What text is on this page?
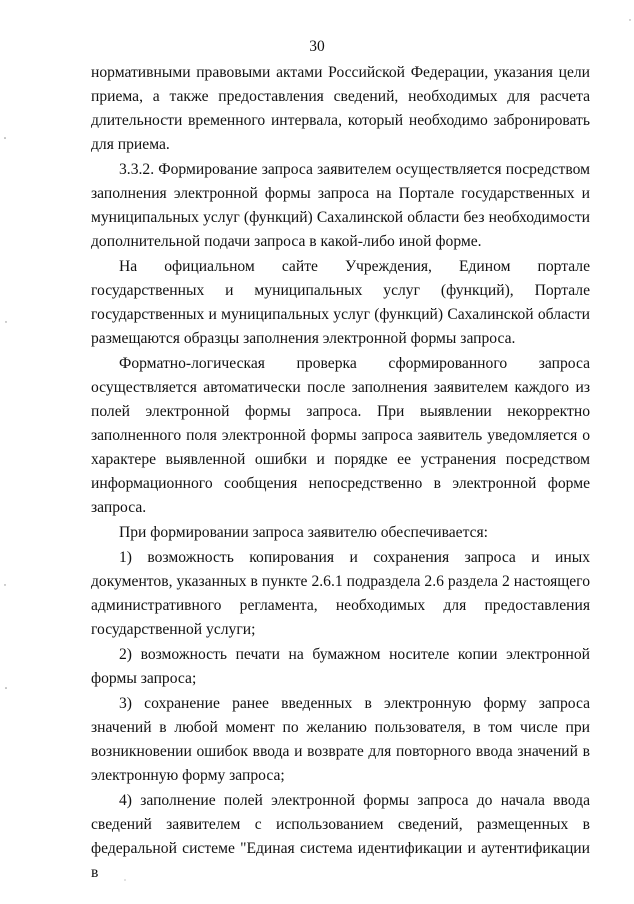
30

нормативными правовыми актами Российской Федерации, указания цели приема, а также предоставления сведений, необходимых для расчета длительности временного интервала, который необходимо забронировать для приема.

3.3.2. Формирование запроса заявителем осуществляется посредством заполнения электронной формы запроса на Портале государственных и муниципальных услуг (функций) Сахалинской области без необходимости дополнительной подачи запроса в какой-либо иной форме.

На официальном сайте Учреждения, Едином портале государственных и муниципальных услуг (функций), Портале государственных и муниципальных услуг (функций) Сахалинской области размещаются образцы заполнения электронной формы запроса.

Форматно-логическая проверка сформированного запроса осуществляется автоматически после заполнения заявителем каждого из полей электронной формы запроса. При выявлении некорректно заполненного поля электронной формы запроса заявитель уведомляется о характере выявленной ошибки и порядке ее устранения посредством информационного сообщения непосредственно в электронной форме запроса.

При формировании запроса заявителю обеспечивается:

1) возможность копирования и сохранения запроса и иных документов, указанных в пункте 2.6.1 подраздела 2.6 раздела 2 настоящего административного регламента, необходимых для предоставления государственной услуги;

2) возможность печати на бумажном носителе копии электронной формы запроса;

3) сохранение ранее введенных в электронную форму запроса значений в любой момент по желанию пользователя, в том числе при возникновении ошибок ввода и возврате для повторного ввода значений в электронную форму запроса;

4) заполнение полей электронной формы запроса до начала ввода сведений заявителем с использованием сведений, размещенных в федеральной системе "Единая система идентификации и аутентификации в
